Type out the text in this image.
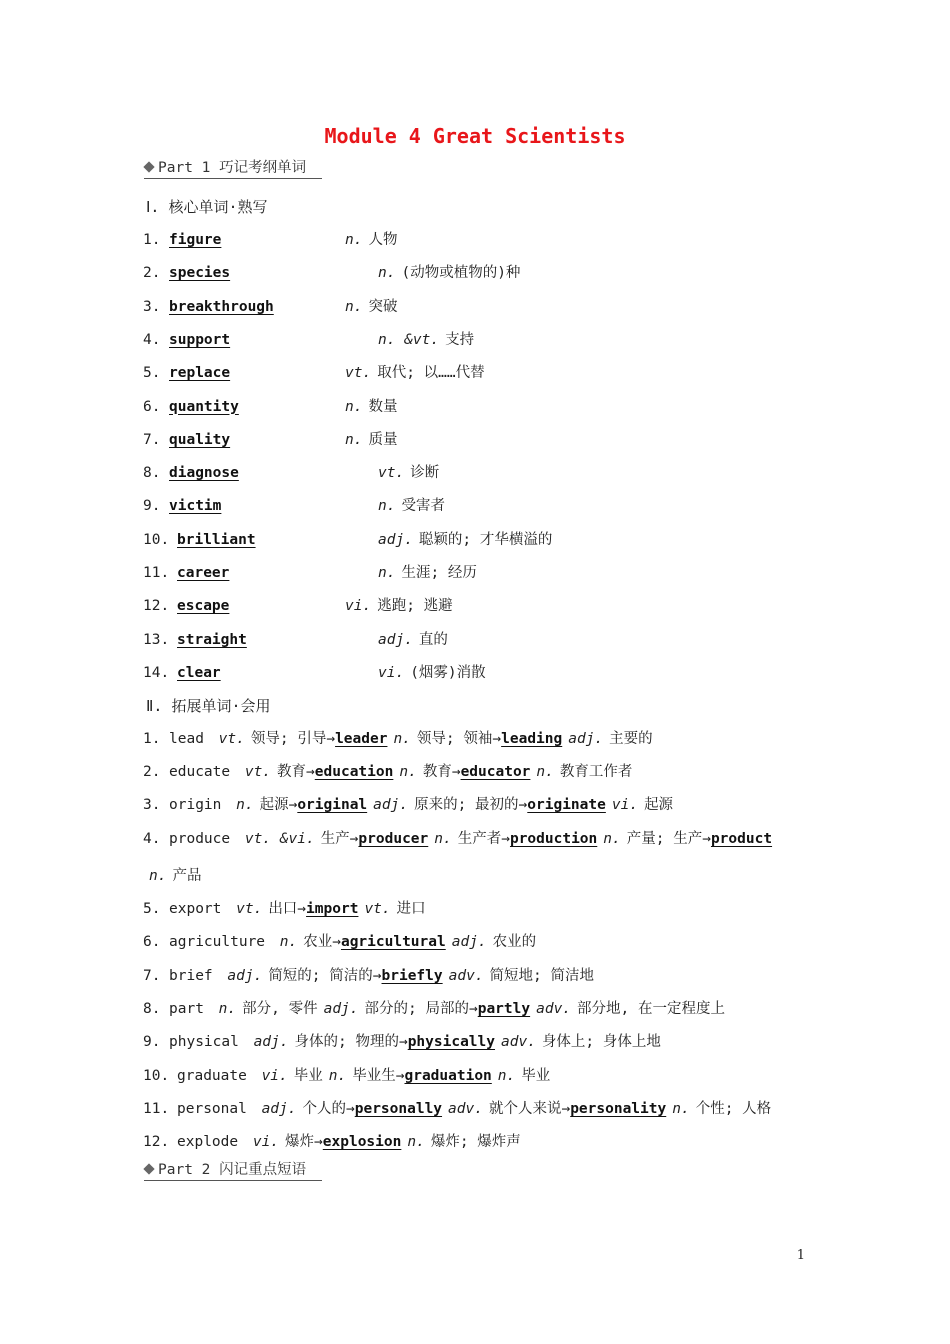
Module 4 Great Scientists
Part 1 巧记考纲单词
Ⅰ. 核心单词·熟写
1. figure	n. 人物
2. species	n. (动物或植物的)种
3. breakthrough	n. 突破
4. support	n. &vt. 支持
5. replace	vt. 取代; 以……代替
6. quantity	n. 数量
7. quality	n. 质量
8. diagnose	vt. 诊断
9. victim	n. 受害者
10. brilliant	adj. 聪颖的; 才华横溢的
11. career	n. 生涯; 经历
12. escape	vi. 逃跑; 逃避
13. straight	adj. 直的
14. clear	vi. (烟雾)消散
Ⅱ. 拓展单词·会用
1. lead vt. 领导; 引导→leader n. 领导; 领袖→leading adj. 主要的
2. educate vt. 教育→education n. 教育→educator n. 教育工作者
3. origin n. 起源→original adj. 原来的; 最初的→originate vi. 起源
4. produce vt. &vi. 生产→producer n. 生产者→production n. 产量; 生产→product
n. 产品
5. export vt. 出口→import vt. 进口
6. agriculture n. 农业→agricultural adj. 农业的
7. brief adj. 简短的; 简洁的→briefly adv. 简短地; 简洁地
8. part n. 部分, 零件 adj. 部分的; 局部的→partly adv. 部分地, 在一定程度上
9. physical adj. 身体的; 物理的→physically adv. 身体上; 身体上地
10. graduate vi. 毕业 n. 毕业生→graduation n. 毕业
11. personal adj. 个人的→personally adv. 就个人来说→personality n. 个性; 人格
12. explode vi. 爆炸→explosion n. 爆炸; 爆炸声
Part 2 闪记重点短语
1
